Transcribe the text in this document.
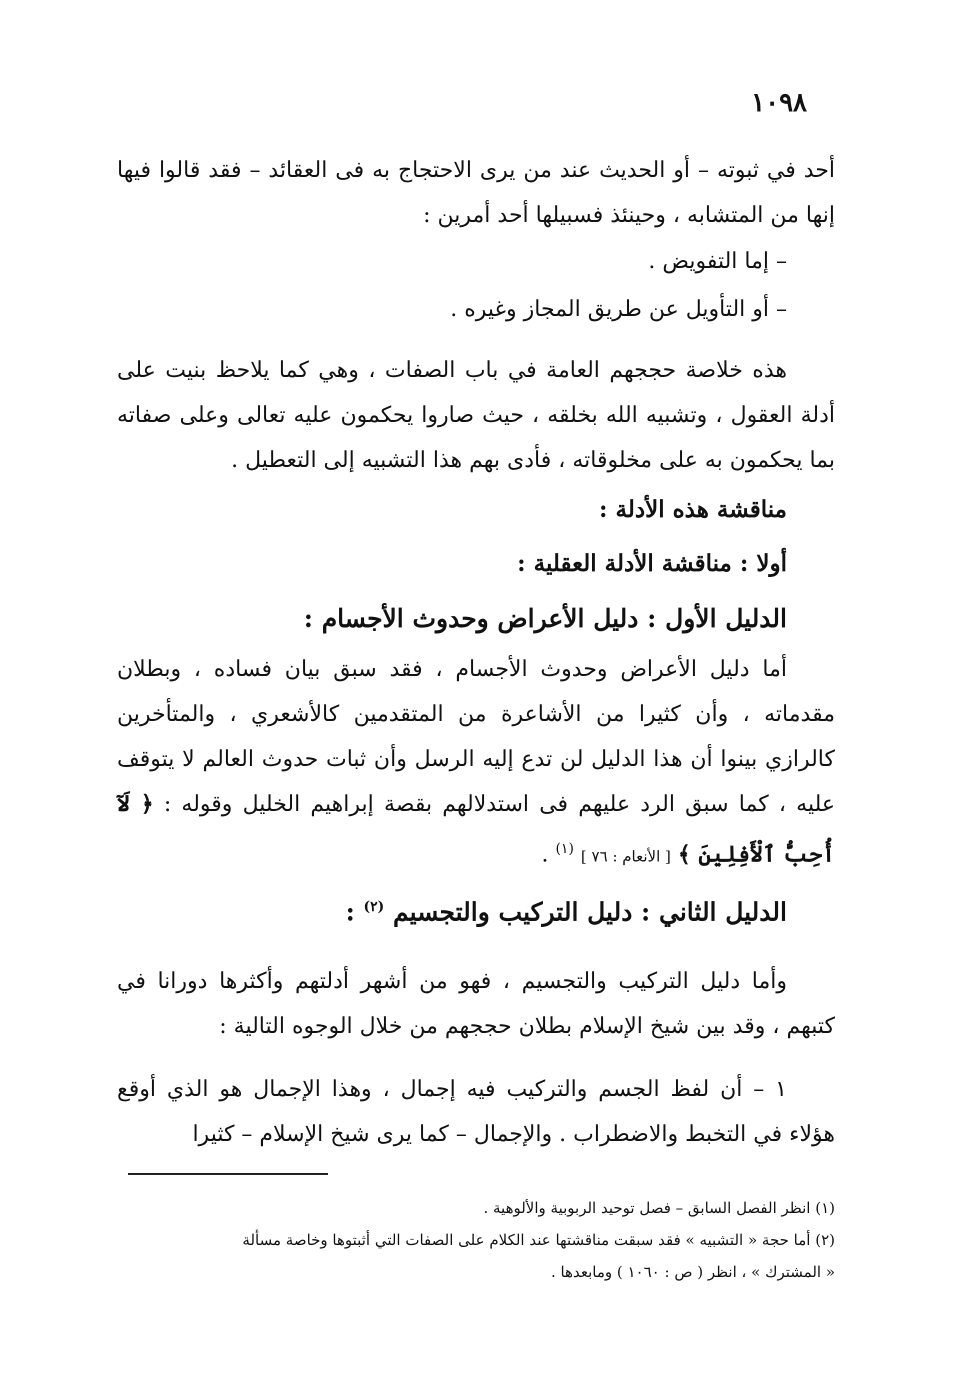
١٠٩٨

أحد في ثبوته – أو الحديث عند من يرى الاحتجاج به فى العقائد – فقد قالوا فيها إنها من المتشابه ، وحينئذ فسبيلها أحد أمرين :

– إما التفويض .

– أو التأويل عن طريق المجاز وغيره .

هذه خلاصة حججهم العامة في باب الصفات ، وهي كما يلاحظ بنيت على أدلة العقول ، وتشبيه الله بخلقه ، حيث صاروا يحكمون عليه تعالى وعلى صفاته بما يحكمون به على مخلوقاته ، فأدى بهم هذا التشبيه إلى التعطيل .

مناقشة هذه الأدلة :

أولا : مناقشة الأدلة العقلية :

الدليل الأول : دليل الأعراض وحدوث الأجسام :

أما دليل الأعراض وحدوث الأجسام ، فقد سبق بيان فساده ، وبطلان مقدماته ، وأن كثيرا من الأشاعرة من المتقدمين كالأشعري ، والمتأخرين كالرازي بينوا أن هذا الدليل لن تدع إليه الرسل وأن ثبات حدوث العالم لا يتوقف عليه ، كما سبق الرد عليهم فى استدلالهم بقصة إبراهيم الخليل وقوله : ﴿ لَآ أُحِبُّ ٱلْأَفِلِينَ ﴾ [ الأنعام : ٧٦ ] $^{(١)}$ .

الدليل الثاني : دليل التركيب والتجسيم $^{(٢)}$ :

وأما دليل التركيب والتجسيم ، فهو من أشهر أدلتهم وأكثرها دورانا في كتبهم ، وقد بين شيخ الإسلام بطلان حججهم من خلال الوجوه التالية :

١ – أن لفظ الجسم والتركيب فيه إجمال ، وهذا الإجمال هو الذي أوقع هؤلاء في التخبط والاضطراب . والإجمال – كما يرى شيخ الإسلام – كثيرا

(١) انظر الفصل السابق – فصل توحيد الربوبية والألوهية .

(٢) أما حجة « التشبيه » فقد سبقت مناقشتها عند الكلام على الصفات التي أثبتوها وخاصة مسألة

« المشترك » ، انظر ( ص : ١٠٦٠ ) ومابعدها .
